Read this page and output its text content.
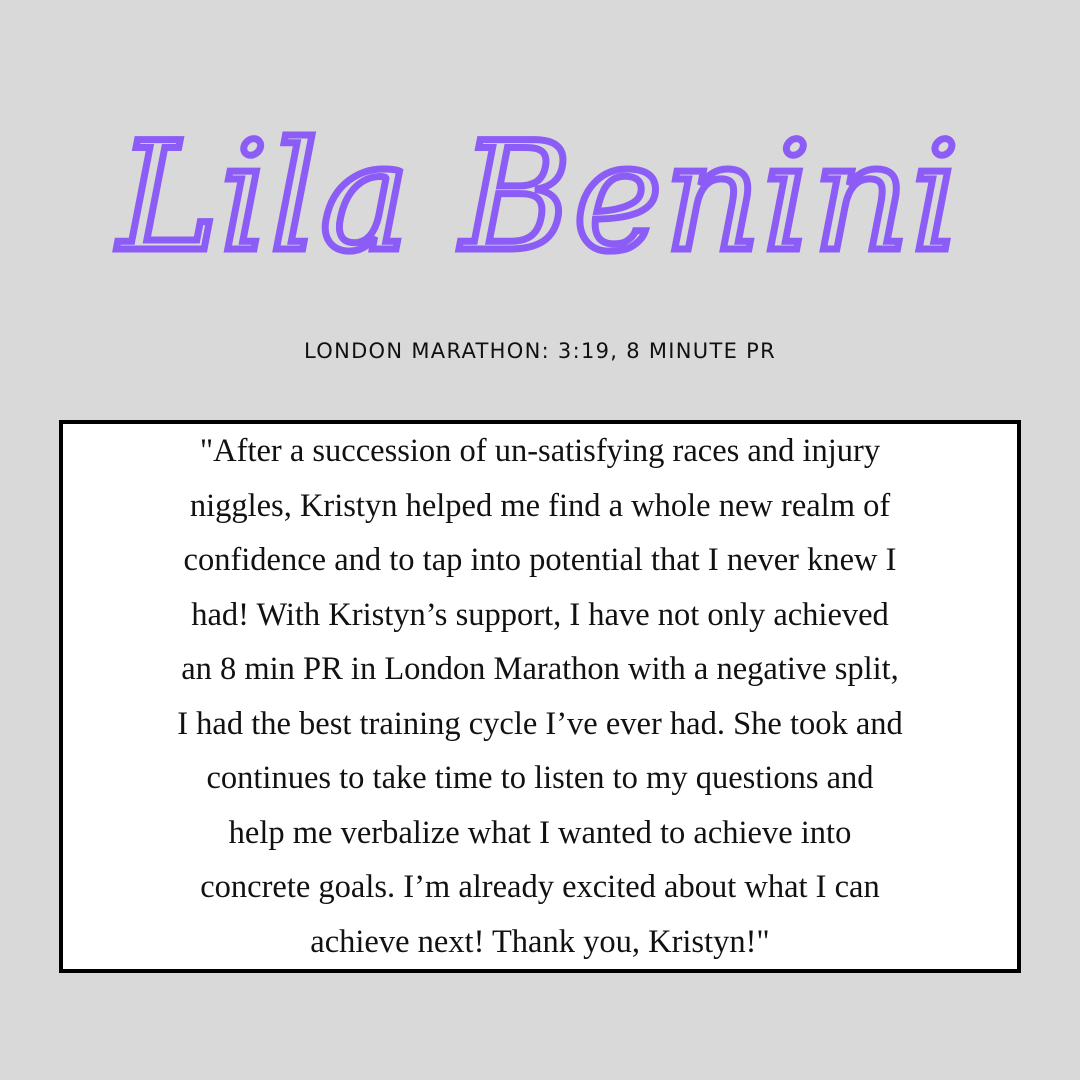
Lila Benini
LONDON MARATHON: 3:19, 8 MINUTE PR

"After a succession of un-satisfying races and injury
niggles, Kristyn helped me find a whole new realm of
confidence and to tap into potential that I never knew I
had! With Kristyn’s support, I have not only achieved
an 8 min PR in London Marathon with a negative split,
I had the best training cycle I’ve ever had. She took and
continues to take time to listen to my questions and
help me verbalize what I wanted to achieve into
concrete goals. I’m already excited about what I can
achieve next! Thank you, Kristyn!"
